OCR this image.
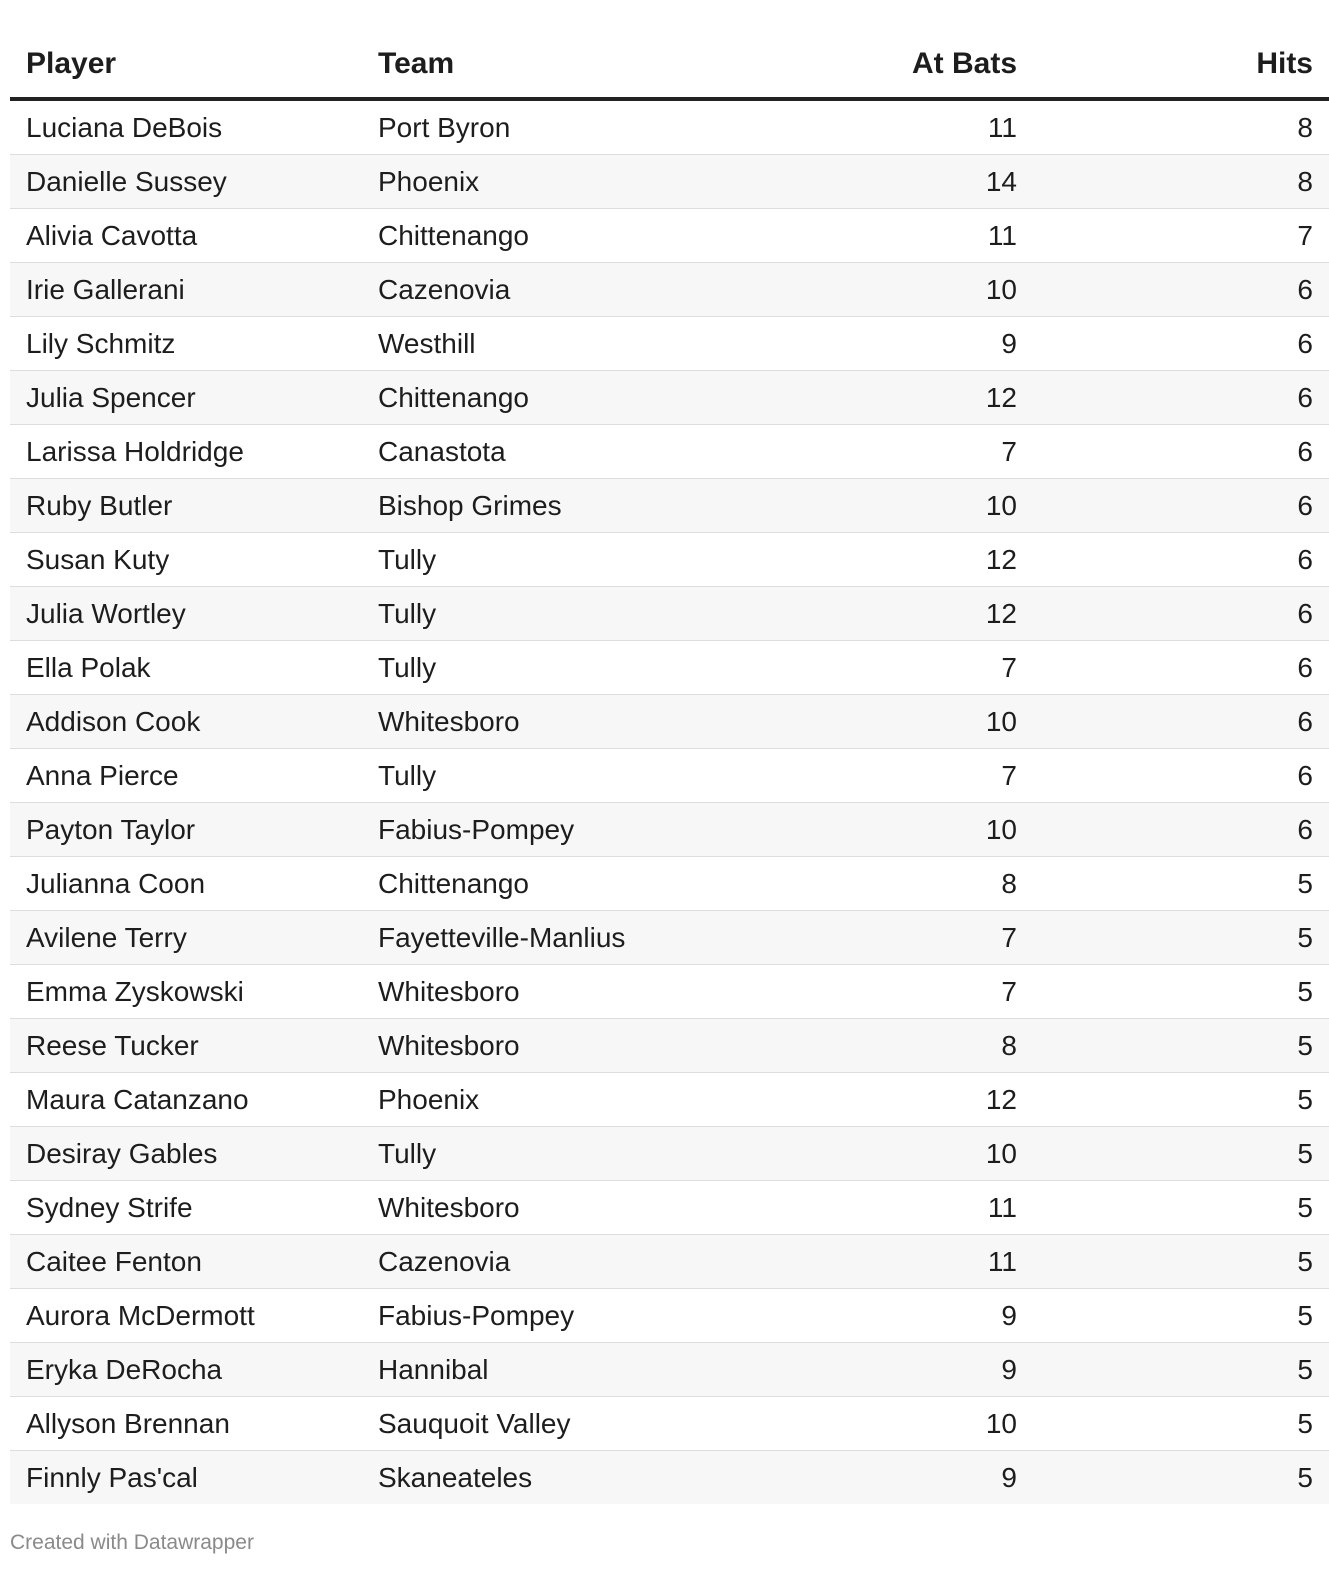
Player	Team	At Bats	Hits
Luciana DeBois	Port Byron	11	8
Danielle Sussey	Phoenix	14	8
Alivia Cavotta	Chittenango	11	7
Irie Gallerani	Cazenovia	10	6
Lily Schmitz	Westhill	9	6
Julia Spencer	Chittenango	12	6
Larissa Holdridge	Canastota	7	6
Ruby Butler	Bishop Grimes	10	6
Susan Kuty	Tully	12	6
Julia Wortley	Tully	12	6
Ella Polak	Tully	7	6
Addison Cook	Whitesboro	10	6
Anna Pierce	Tully	7	6
Payton Taylor	Fabius-Pompey	10	6
Julianna Coon	Chittenango	8	5
Avilene Terry	Fayetteville-Manlius	7	5
Emma Zyskowski	Whitesboro	7	5
Reese Tucker	Whitesboro	8	5
Maura Catanzano	Phoenix	12	5
Desiray Gables	Tully	10	5
Sydney Strife	Whitesboro	11	5
Caitee Fenton	Cazenovia	11	5
Aurora McDermott	Fabius-Pompey	9	5
Eryka DeRocha	Hannibal	9	5
Allyson Brennan	Sauquoit Valley	10	5
Finnly Pas'cal	Skaneateles	9	5
Created with Datawrapper
